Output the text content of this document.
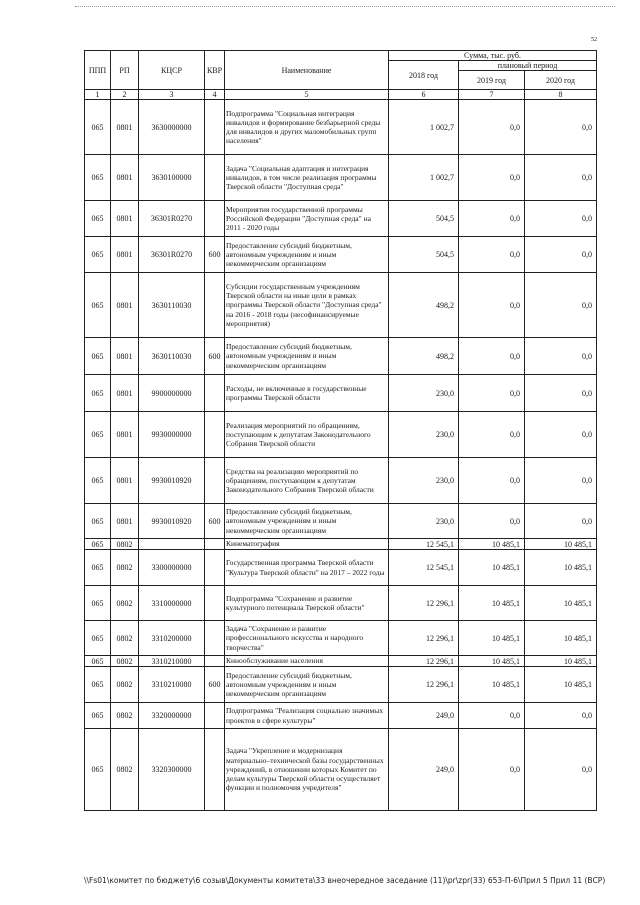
52
ППП	РП	КЦСР	КВР	Наименование	Сумма, тыс. руб.		
					2018 год	плановый период	
						2019 год	2020 год
1	2	3	4	5	6	7	8
065	0801	3630000000		Подпрограмма "Социальная интеграция инвалидов и формирование безбарьерной среды для инвалидов и других маломобильных групп населения"	1 002,7	0,0	0,0
065	0801	3630100000		Задача "Социальная адаптация и интеграция инвалидов, в том числе реализация программы Тверской области "Доступная среда"	1 002,7	0,0	0,0
065	0801	36301R0270		Мероприятия государственной программы Российской Федерации "Доступная среда" на 2011 - 2020 годы	504,5	0,0	0,0
065	0801	36301R0270	600	Предоставление субсидий бюджетным, автономным учреждениям и иным некоммерческим организациям	504,5	0,0	0,0
065	0801	3630110030		Субсидии государственным учреждениям Тверской области на иные цели в рамках программы Тверской области "Доступная среда" на 2016 - 2018 годы (несофинансируемые мероприятия)	498,2	0,0	0,0
065	0801	3630110030	600	Предоставление субсидий бюджетным, автономным учреждениям и иным некоммерческим организациям	498,2	0,0	0,0
065	0801	9900000000		Расходы, не включенные в государственные программы Тверской области	230,0	0,0	0,0
065	0801	9930000000		Реализация мероприятий по обращениям, поступающим к депутатам Законодательного Собрания Тверской области	230,0	0,0	0,0
065	0801	9930010920		Средства на реализацию мероприятий по обращениям, поступающим к депутатам Законодательного Собрания Тверской области	230,0	0,0	0,0
065	0801	9930010920	600	Предоставление субсидий бюджетным, автономным учреждениям и иным некоммерческим организациям	230,0	0,0	0,0
065	0802			Кинематография	12 545,1	10 485,1	10 485,1
065	0802	3300000000		Государственная программа Тверской области "Культура Тверской области" на 2017 – 2022 годы	12 545,1	10 485,1	10 485,1
065	0802	3310000000		Подпрограмма "Сохранение и развитие культурного потенциала Тверской области"	12 296,1	10 485,1	10 485,1
065	0802	3310200000		Задача "Сохранение и развитие профессионального искусства и народного творчества"	12 296,1	10 485,1	10 485,1
065	0802	3310210080		Кинообслуживание населения	12 296,1	10 485,1	10 485,1
065	0802	3310210080	600	Предоставление субсидий бюджетным, автономным учреждениям и иным некоммерческим организациям	12 296,1	10 485,1	10 485,1
065	0802	3320000000		Подпрограмма "Реализация социально значимых проектов в сфере культуры"	249,0	0,0	0,0
065	0802	3320300000		Задача "Укрепление и модернизация материально–технической базы государственных учреждений, в отношении которых Комитет по делам культуры Тверской области осуществляет функции и полномочия учредителя"	249,0	0,0	0,0
\\Fs01\комитет по бюджету\6 созыв\Документы комитета\33 внеочередное заседание (11)\pr\zpr(33) 653-П-6\Прил 5 Прил 11 (ВСР)
